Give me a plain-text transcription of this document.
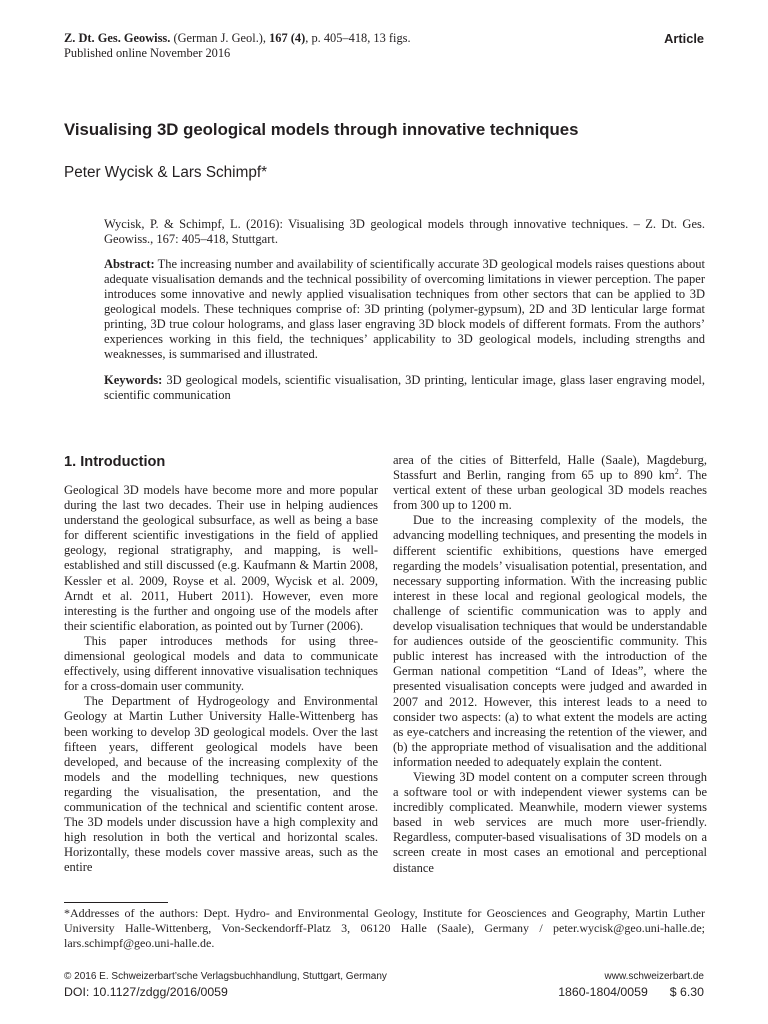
Z. Dt. Ges. Geowiss. (German J. Geol.), 167 (4), p. 405–418, 13 figs.
Published online November 2016
Article
Visualising 3D geological models through innovative techniques
Peter Wycisk & Lars Schimpf*

Wycisk, P. & Schimpf, L. (2016): Visualising 3D geological models through innovative techniques. – Z. Dt. Ges. Geowiss., 167: 405–418, Stuttgart.

Abstract: The increasing number and availability of scientifically accurate 3D geological models raises questions about adequate visualisation demands and the technical possibility of overcoming limitations in viewer perception. The paper introduces some innovative and newly applied visualisation techniques from other sectors that can be applied to 3D geological models. These techniques comprise of: 3D printing (polymer-gypsum), 2D and 3D lenticular large format printing, 3D true colour holograms, and glass laser engraving 3D block models of different formats. From the authors’ experiences working in this field, the techniques’ applicability to 3D geological models, including strengths and weaknesses, is summarised and illustrated.

Keywords: 3D geological models, scientific visualisation, 3D printing, lenticular image, glass laser engraving model, scientific communication

1. Introduction

Geological 3D models have become more and more popular during the last two decades. Their use in helping audiences understand the geological subsurface, as well as being a base for different scientific investigations in the field of applied geology, regional stratigraphy, and mapping, is well-established and still discussed (e.g. Kaufmann & Martin 2008, Kessler et al. 2009, Royse et al. 2009, Wycisk et al. 2009, Arndt et al. 2011, Hubert 2011). However, even more interesting is the further and ongoing use of the models after their scientific elaboration, as pointed out by Turner (2006).

This paper introduces methods for using three-dimensional geological models and data to communicate effectively, using different innovative visualisation techniques for a cross-domain user community.

The Department of Hydrogeology and Environmental Geology at Martin Luther University Halle-Wittenberg has been working to develop 3D geological models. Over the last fifteen years, different geological models have been developed, and because of the increasing complexity of the models and the modelling techniques, new questions regarding the visualisation, the presentation, and the communication of the technical and scientific content arose. The 3D models under discussion have a high complexity and high resolution in both the vertical and horizontal scales. Horizontally, these models cover massive areas, such as the entire

area of the cities of Bitterfeld, Halle (Saale), Magdeburg, Stassfurt and Berlin, ranging from 65 up to 890 $km^2$. The vertical extent of these urban geological 3D models reaches from 300 up to 1200 m.

Due to the increasing complexity of the models, the advancing modelling techniques, and presenting the models in different scientific exhibitions, questions have emerged regarding the models’ visualisation potential, presentation, and necessary supporting information. With the increasing public interest in these local and regional geological models, the challenge of scientific communication was to apply and develop visualisation techniques that would be understandable for audiences outside of the geoscientific community. This public interest has increased with the introduction of the German national competition “Land of Ideas”, where the presented visualisation concepts were judged and awarded in 2007 and 2012. However, this interest leads to a need to consider two aspects: (a) to what extent the models are acting as eye-catchers and increasing the retention of the viewer, and (b) the appropriate method of visualisation and the additional information needed to adequately explain the content.

Viewing 3D model content on a computer screen through a software tool or with independent viewer systems can be incredibly complicated. Meanwhile, modern viewer systems based in web services are much more user-friendly. Regardless, computer-based visualisations of 3D models on a screen create in most cases an emotional and perceptional distance

*Addresses of the authors: Dept. Hydro- and Environmental Geology, Institute for Geosciences and Geography, Martin Luther University Halle-Wittenberg, Von-Seckendorff-Platz 3, 06120 Halle (Saale), Germany / peter.wycisk@geo.uni-halle.de; lars.schimpf@geo.uni-halle.de.
© 2016 E. Schweizerbart’sche Verlagsbuchhandlung, Stuttgart, Germany
DOI: 10.1127/zdgg/2016/0059
www.schweizerbart.de
1860-1804/0059 $ 6.30
